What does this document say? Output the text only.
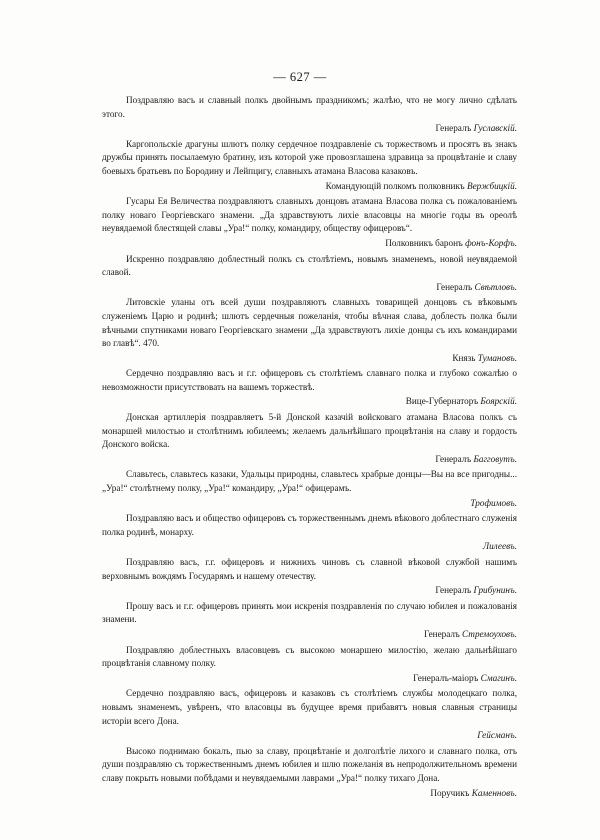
— 627 —

Поздравляю васъ и славный полкъ двойнымъ праздникомъ; жалѣю, что не могу лично сдѣлать этого.

Генералъ Гуславскій.

Каргопольскіе драгуны шлютъ полку сердечное поздравленіе съ торжествомъ и просятъ въ знакъ дружбы принять посылаемую братину, изъ которой уже провозглашена здравица за процвѣтаніе и славу боевыхъ братьевъ по Бородину и Лейпцигу, славныхъ атамана Власова казаковъ.

Командующій полкомъ полковникъ Вержбицкій.

Гусары Ея Величества поздравляютъ славныхъ донцовъ атамана Власова полка съ пожалованіемъ полку новаго Георгіевскаго знамени. „Да здравствуютъ лихіе власовцы на многіе годы въ ореолѣ неувядаемой блестящей славы „Ура!“ полку, командиру, обществу офицеровъ“.

Полковникъ баронъ фонъ-Корфъ.

Искренно поздравляю доблестный полкъ съ столѣтіемъ, новымъ знаменемъ, новой неувядаемой славой.

Генералъ Свѣтловъ.

Литовскіе уланы отъ всей души поздравляютъ славныхъ товарищей донцовъ съ вѣковымъ служеніемъ Царю и родинѣ; шлютъ сердечныя пожеланія, чтобы вѣчная слава, доблесть полка были вѣчными спутниками новаго Георгіевскаго знамени „Да здравствуютъ лихіе донцы съ ихъ командирами во главѣ“. 470.

Князь Тумановъ.

Сердечно поздравляю васъ и г.г. офицеровъ съ столѣтіемъ славнаго полка и глубоко сожалѣю о невозможности присутствовать на вашемъ торжествѣ.

Вице-Губернаторъ Боярскій.

Донская артиллерія поздравляетъ 5-й Донской казачій войсковаго атамана Власова полкъ съ монаршей милостью и столѣтнимъ юбилеемъ; желаемъ дальнѣйшаго процвѣтанія на славу и гордость Донского войска.

Генералъ Багговутъ.

Славьтесь, славьтесь казаки, Удальцы природны, славьтесь храбрые донцы—Вы на все пригодны... „Ура!“ столѣтнему полку, „Ура!“ командиру, „Ура!“ офицерамъ.

Трофимовъ.

Поздравляю васъ и общество офицеровъ съ торжественнымъ днемъ вѣкового доблестнаго служенія полка родинѣ, монарху.

Лилеевъ.

Поздравляю васъ, г.г. офицеровъ и нижнихъ чиновъ съ славной вѣковой службой нашимъ верховнымъ вождямъ Государямъ и нашему отечеству.

Генералъ Грибунинъ.

Прошу васъ и г.г. офицеровъ принять мои искренія поздравленія по случаю юбилея и пожалованія знамени.

Генералъ Стремоуховъ.

Поздравляю доблестныхъ власовцевъ съ высокою монаршею милостію, желаю дальнѣйшаго процвѣтанія славному полку.

Генералъ-маіоръ Смагинъ.

Сердечно поздравляю васъ, офицеровъ и казаковъ съ столѣтіемъ службы молодецкаго полка, новымъ знаменемъ, увѣренъ, что власовцы въ будущее время прибавятъ новыя славныя страницы исторіи всего Дона.

Гейсманъ.

Высоко поднимаю бокалъ, пью за славу, процвѣтаніе и долголѣтіе лихого и славнаго полка, отъ души поздравляю съ торжественнымъ днемъ юбилея и шлю пожеланія въ непродолжительномъ времени славу покрыть новыми побѣдами и неувядаемыми лаврами „Ура!“ полку тихаго Дона.

Поручикъ Каменновъ.
